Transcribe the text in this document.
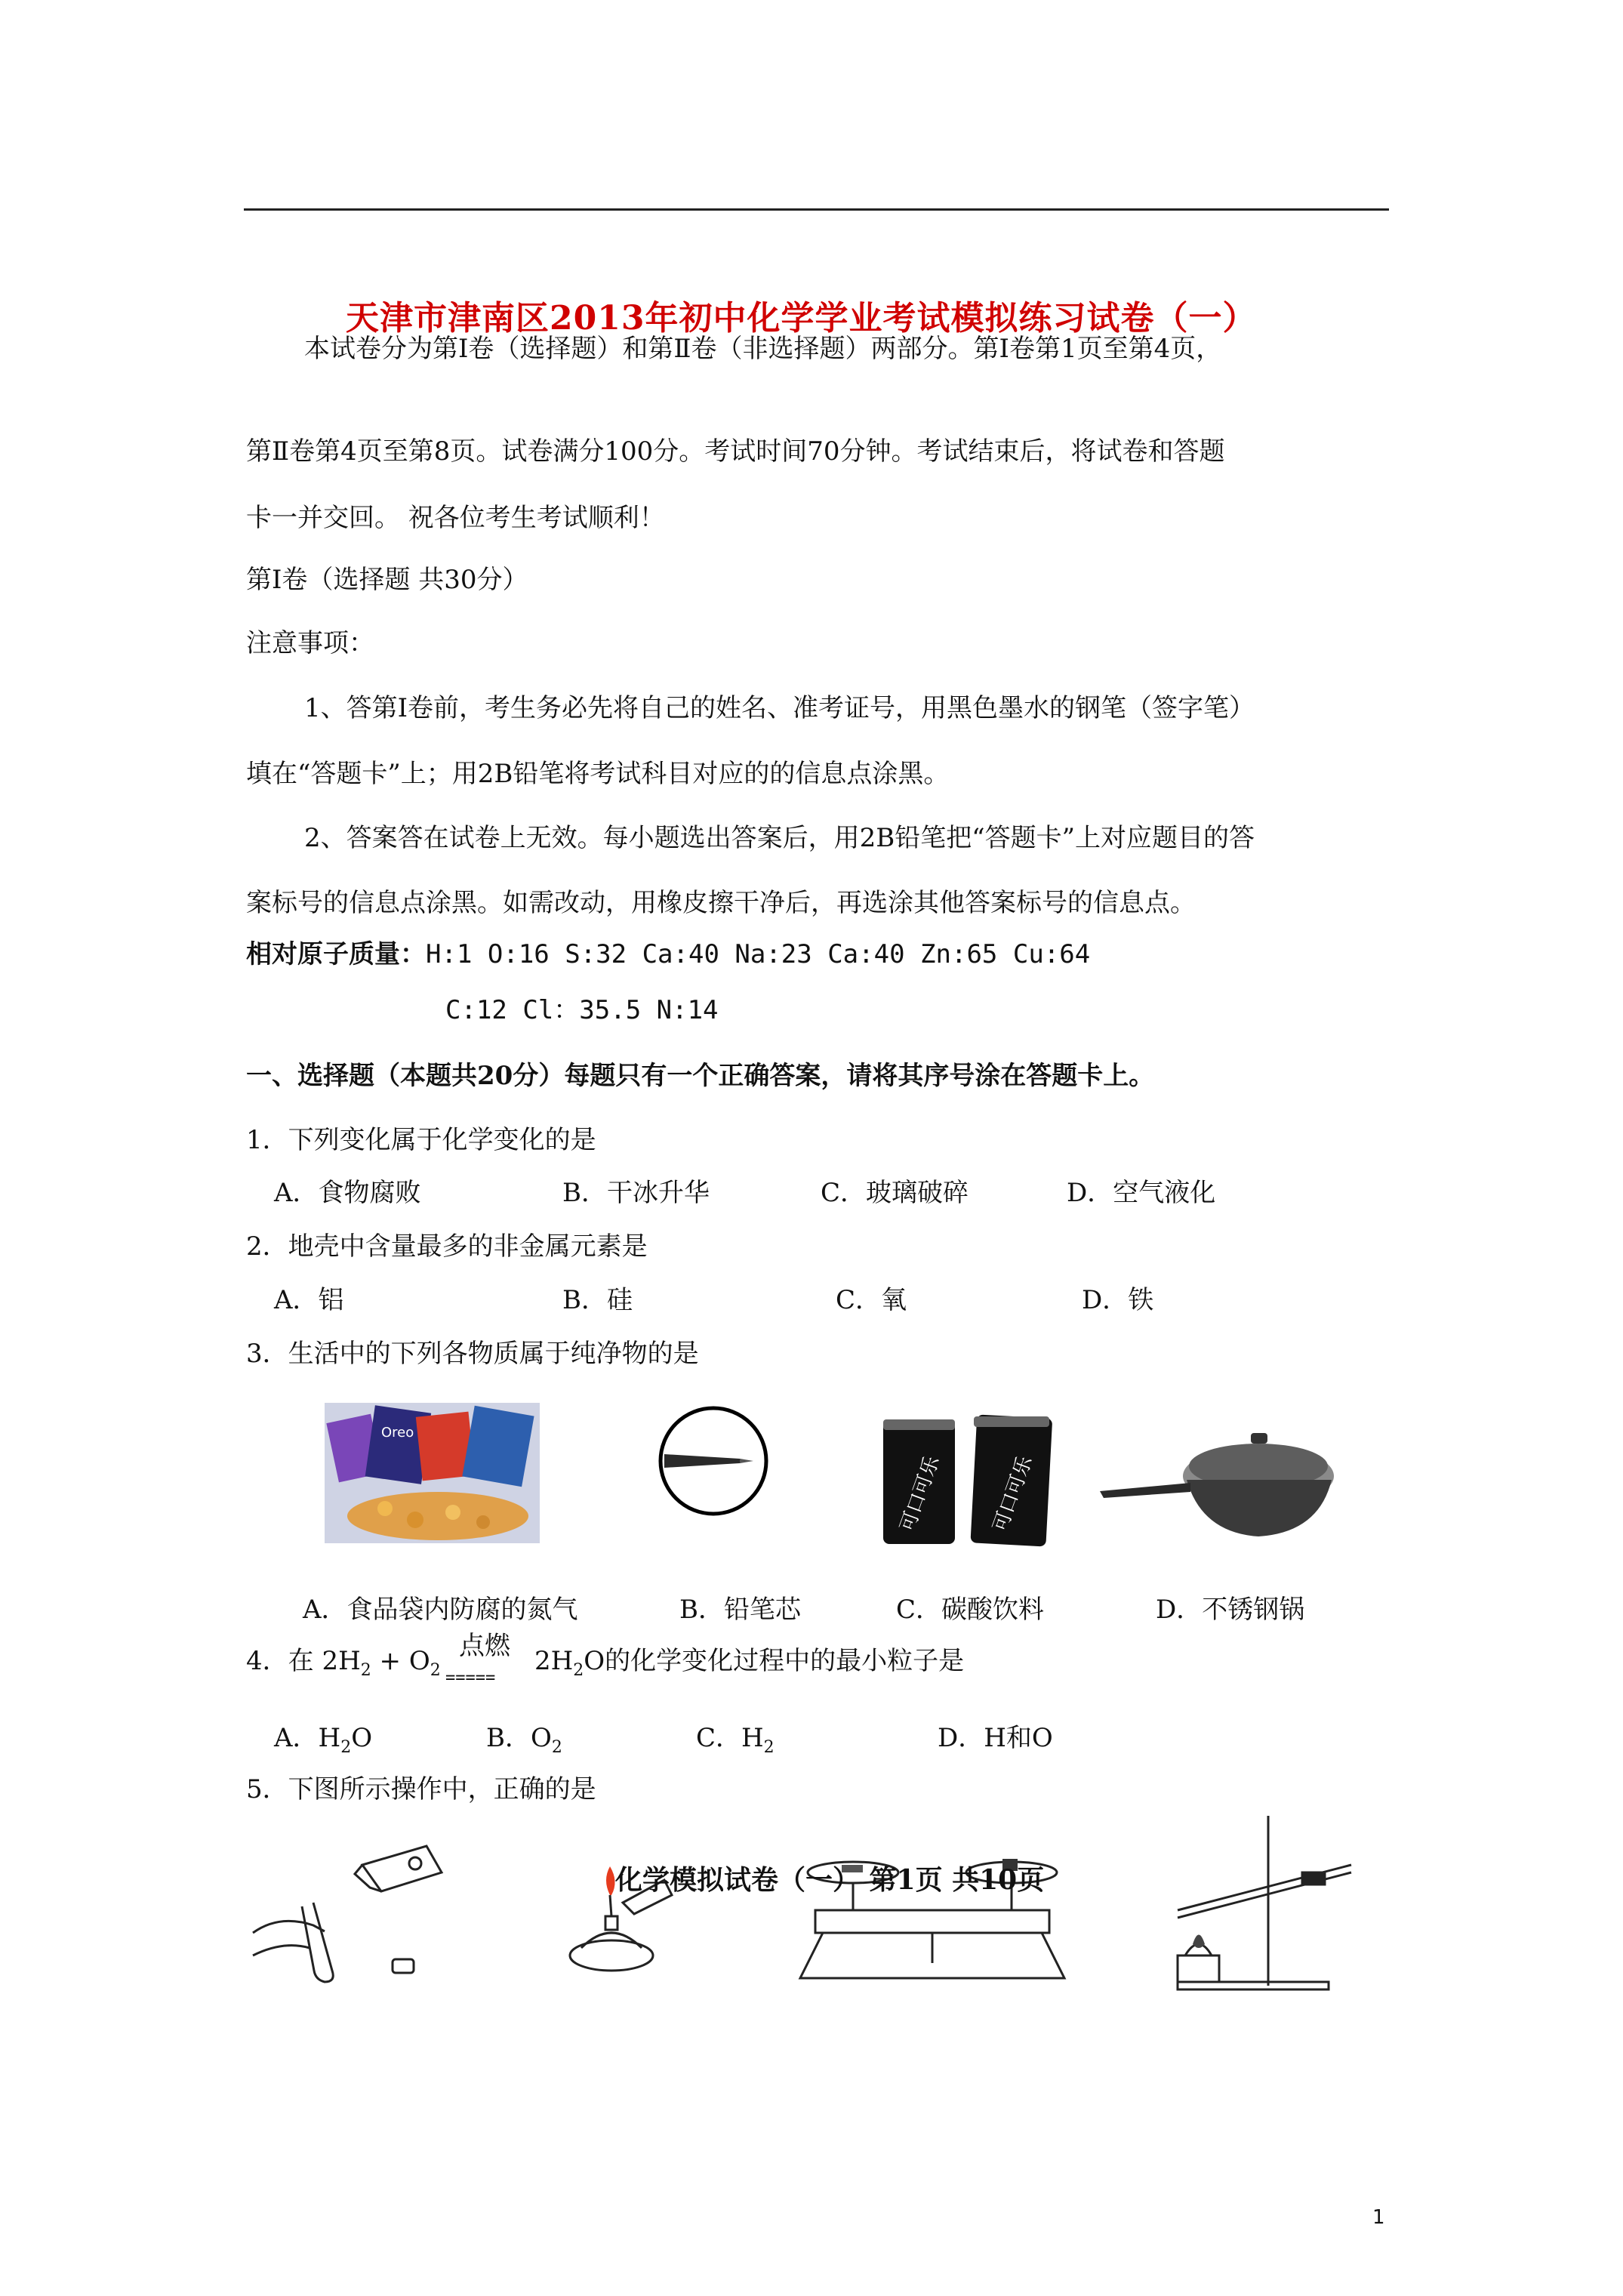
天津市津南区2013年初中化学学业考试模拟练习试卷（一）
本试卷分为第Ⅰ卷（选择题）和第Ⅱ卷（非选择题）两部分。第Ⅰ卷第1页至第4页，
第Ⅱ卷第4页至第8页。试卷满分100分。考试时间70分钟。考试结束后，将试卷和答题
卡一并交回。 祝各位考生考试顺利！
第Ⅰ卷（选择题 共30分）
注意事项：
1、答第Ⅰ卷前，考生务必先将自己的姓名、准考证号，用黑色墨水的钢笔（签字笔）
填在“答题卡”上；用2B铅笔将考试科目对应的的信息点涂黑。
2、答案答在试卷上无效。每小题选出答案后，用2B铅笔把“答题卡”上对应题目的答
案标号的信息点涂黑。如需改动，用橡皮擦干净后，再选涂其他答案标号的信息点。
相对原子质量：H:1 O:16 S:32 Ca:40 Na:23 Ca:40 Zn:65 Cu:64
C:12 Cl：35.5 N:14
一、选择题（本题共20分）每题只有一个正确答案，请将其序号涂在答题卡上。
1．下列变化属于化学变化的是
A．食物腐败	B．干冰升华	C．玻璃破碎	D．空气液化
2．地壳中含量最多的非金属元素是
A．铝	B．硅	C．氧	D．铁
3．生活中的下列各物质属于纯净物的是
Oreo
可口可乐 可口可乐
A．食品袋内防腐的氮气	B．铅笔芯	C．碳酸饮料	D．不锈钢锅
4．在 $2H_2 + O_2$
点燃
=====
$2H_2O$的化学变化过程中的最小粒子是
A．$H_2O$	B．$O_2$	C．$H_2$	D．H和O
5．下图所示操作中，正确的是
化学模拟试卷（一） 第1页 共10页
1
